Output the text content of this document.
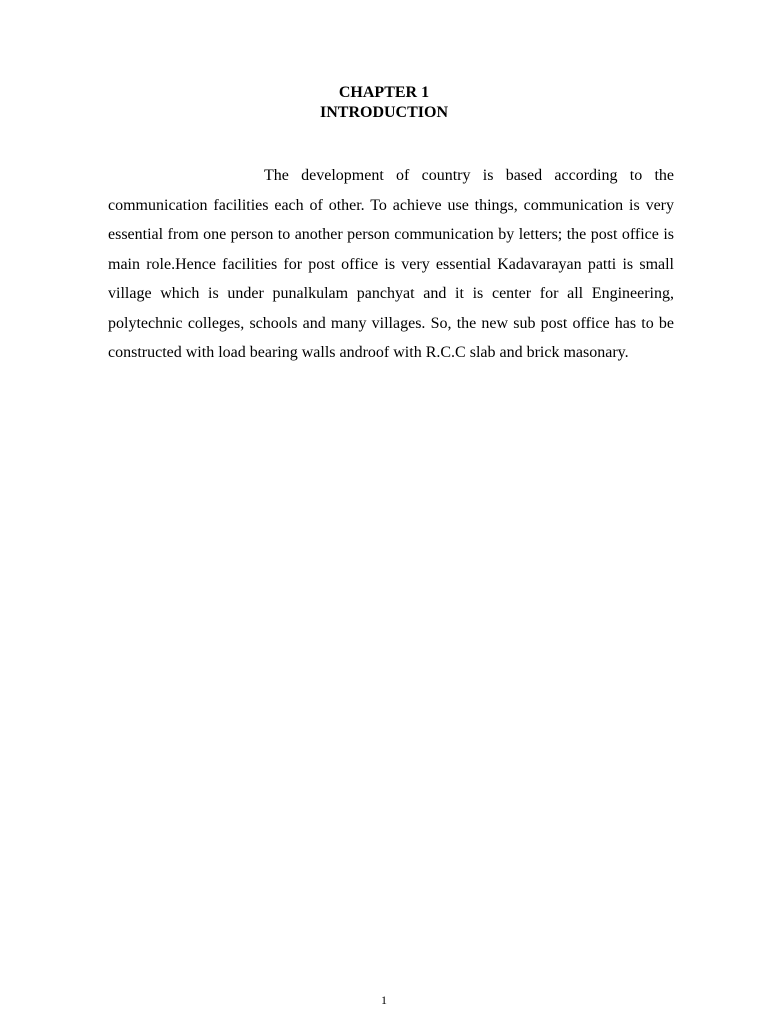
CHAPTER 1
INTRODUCTION

The development of country is based according to the communication facilities each of other. To achieve use things, communication is very essential from one person to another person communication by letters; the post office is main role.Hence facilities for post office is very essential Kadavarayan patti is small village which is under punalkulam panchyat and it is center for all Engineering, polytechnic colleges, schools and many villages. So, the new sub post office has to be constructed with load bearing walls androof with R.C.C slab and brick masonary.

1
